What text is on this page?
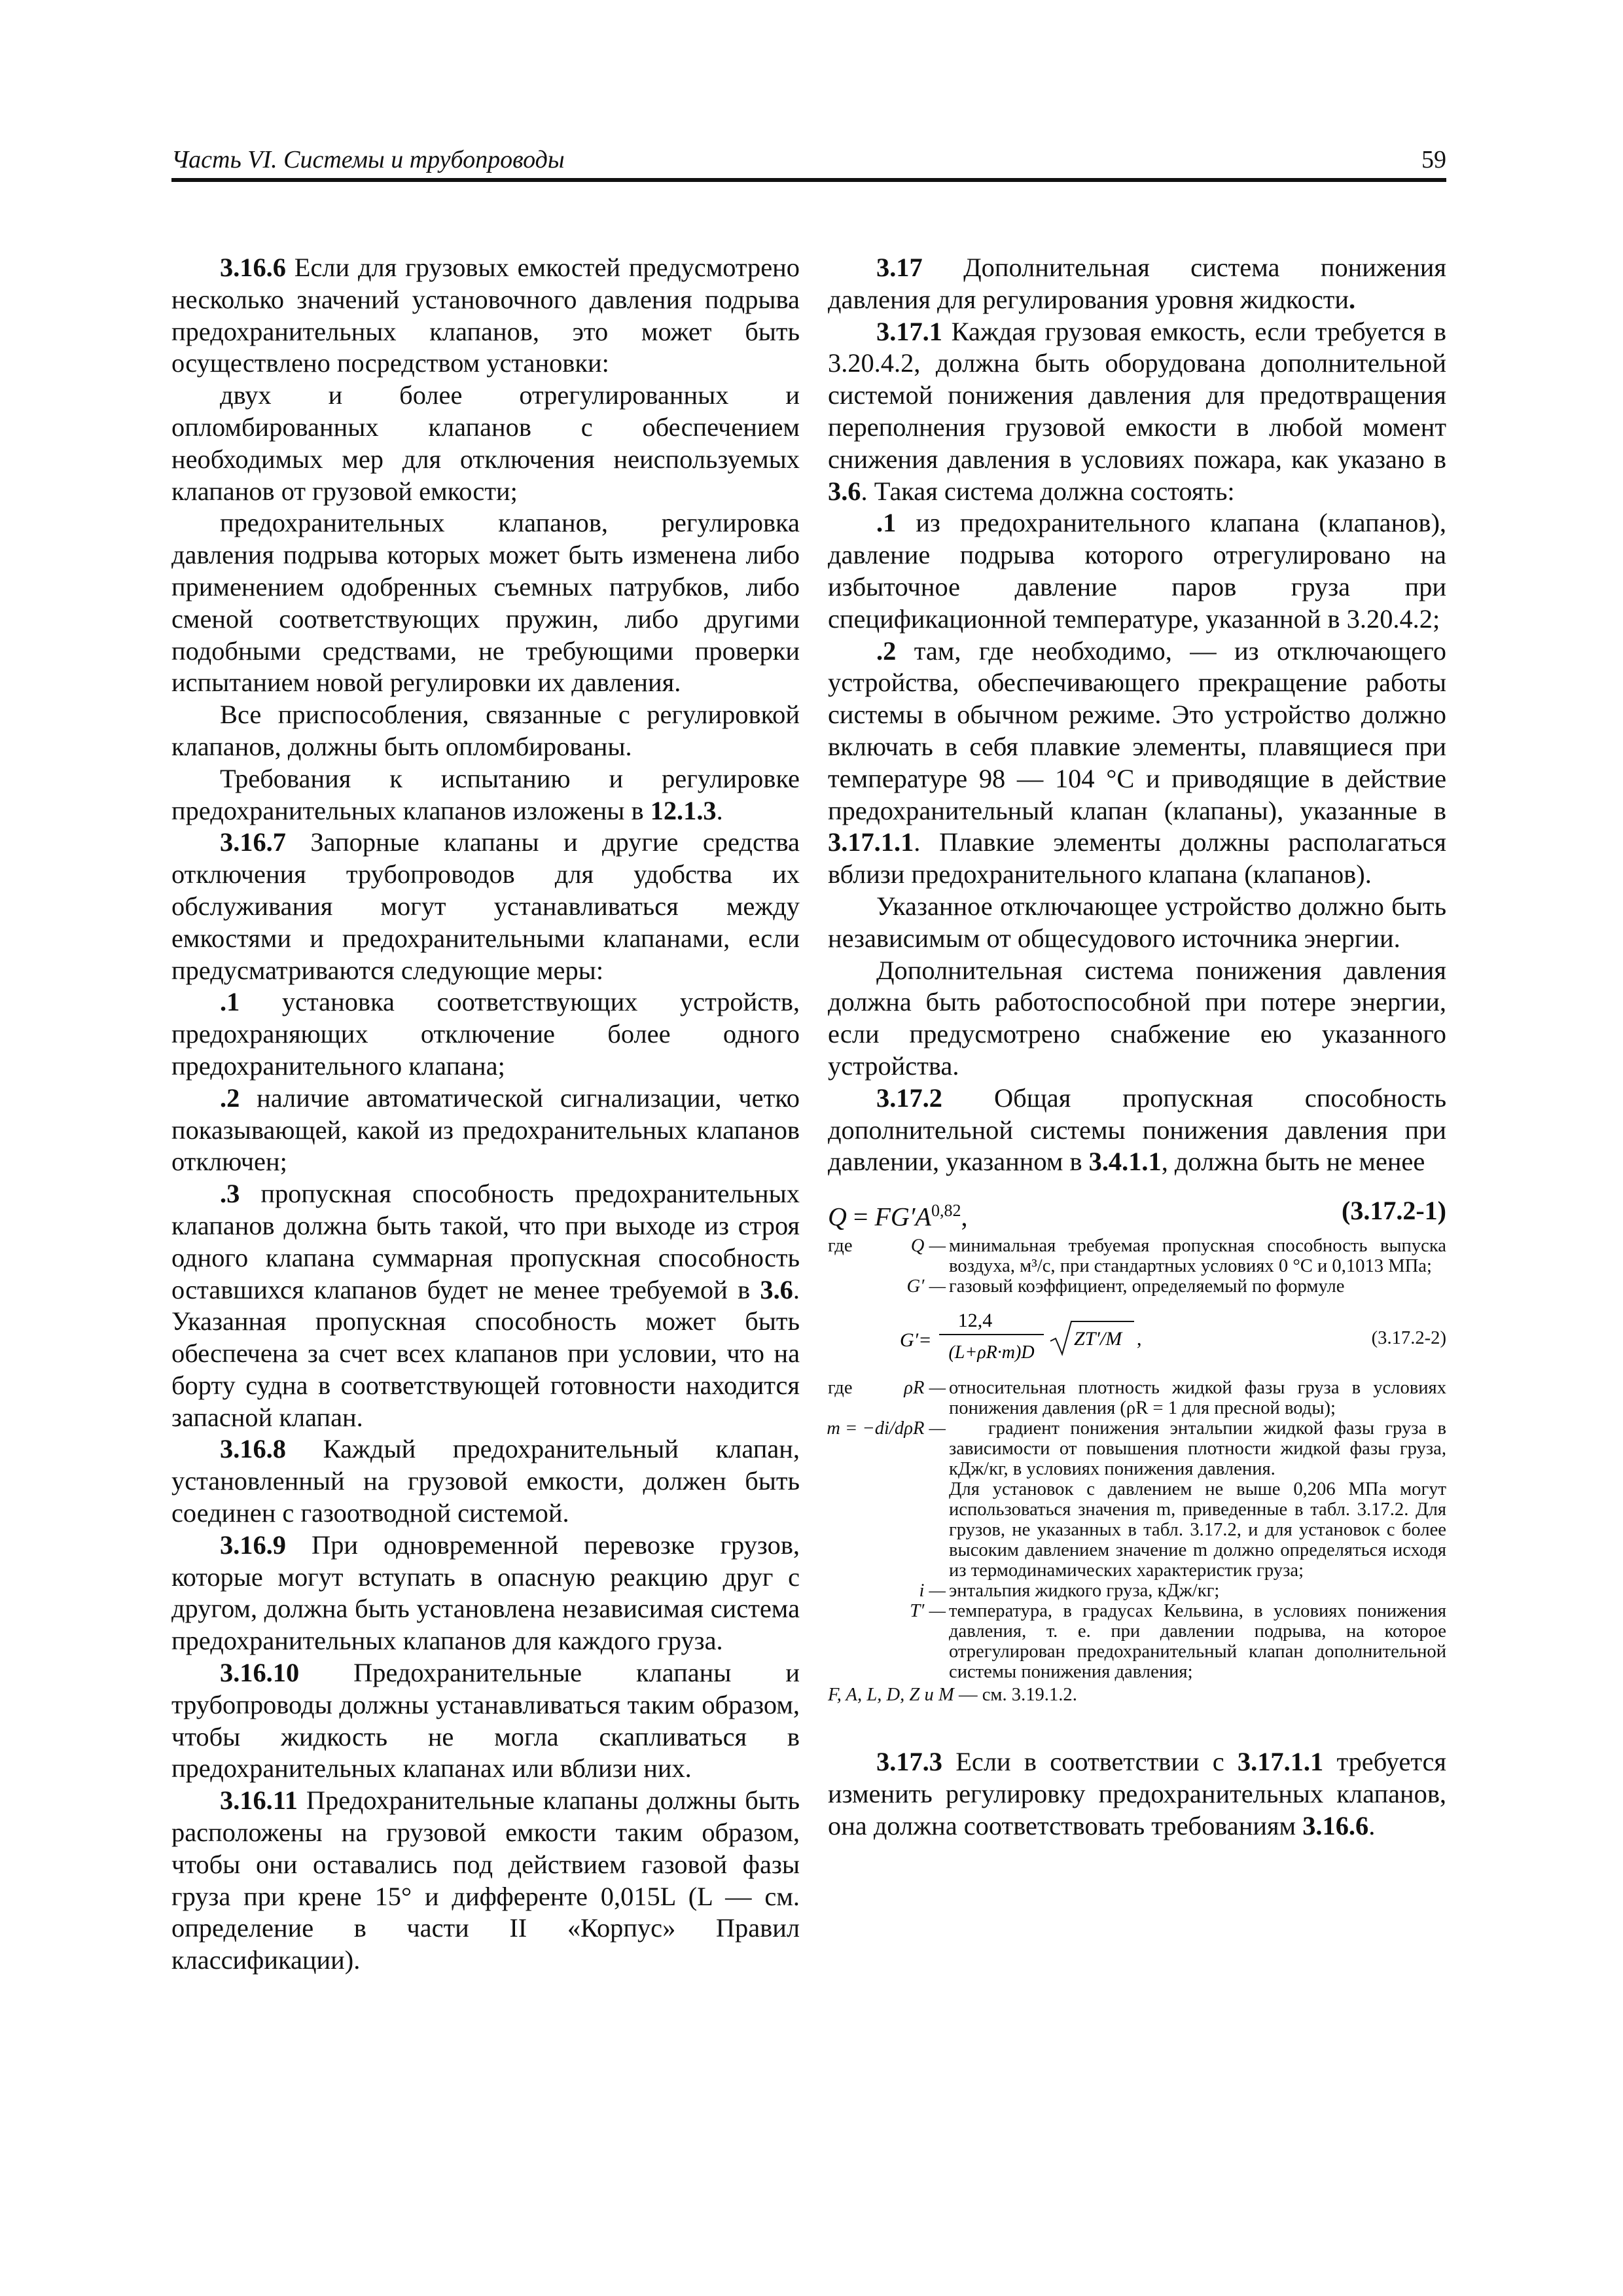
Часть VI. Системы и трубопроводы	59

3.16.6 Если для грузовых емкостей предусмотрено несколько значений установочного давления подрыва предохранительных клапанов, это может быть осуществлено посредством установки:

двух и более отрегулированных и опломбированных клапанов с обеспечением необходимых мер для отключения неиспользуемых клапанов от грузовой емкости;

предохранительных клапанов, регулировка давления подрыва которых может быть изменена либо применением одобренных съемных патрубков, либо сменой соответствующих пружин, либо другими подобными средствами, не требующими проверки испытанием новой регулировки их давления.

Все приспособления, связанные с регулировкой клапанов, должны быть опломбированы.

Требования к испытанию и регулировке предохранительных клапанов изложены в 12.1.3.

3.16.7 Запорные клапаны и другие средства отключения трубопроводов для удобства их обслуживания могут устанавливаться между емкостями и предохранительными клапанами, если предусматриваются следующие меры:

.1 установка соответствующих устройств, предохраняющих отключение более одного предохранительного клапана;

.2 наличие автоматической сигнализации, четко показывающей, какой из предохранительных клапанов отключен;

.3 пропускная способность предохранительных клапанов должна быть такой, что при выходе из строя одного клапана суммарная пропускная способность оставшихся клапанов будет не менее требуемой в 3.6. Указанная пропускная способность может быть обеспечена за счет всех клапанов при условии, что на борту судна в соответствующей готовности находится запасной клапан.

3.16.8 Каждый предохранительный клапан, установленный на грузовой емкости, должен быть соединен с газоотводной системой.

3.16.9 При одновременной перевозке грузов, которые могут вступать в опасную реакцию друг с другом, должна быть установлена независимая система предохранительных клапанов для каждого груза.

3.16.10 Предохранительные клапаны и трубопроводы должны устанавливаться таким образом, чтобы жидкость не могла скапливаться в предохранительных клапанах или вблизи них.

3.16.11 Предохранительные клапаны должны быть расположены на грузовой емкости таким образом, чтобы они оставались под действием газовой фазы груза при крене 15° и дифференте 0,015L (L — см. определение в части II «Корпус» Правил классификации).

3.17 Дополнительная система понижения давления для регулирования уровня жидкости.

3.17.1 Каждая грузовая емкость, если требуется в 3.20.4.2, должна быть оборудована дополнительной системой понижения давления для предотвращения переполнения грузовой емкости в любой момент снижения давления в условиях пожара, как указано в 3.6. Такая система должна состоять:

.1 из предохранительного клапана (клапанов), давление подрыва которого отрегулировано на избыточное давление паров груза при спецификационной температуре, указанной в 3.20.4.2;

.2 там, где необходимо, — из отключающего устройства, обеспечивающего прекращение работы системы в обычном режиме. Это устройство должно включать в себя плавкие элементы, плавящиеся при температуре 98 — 104 °С и приводящие в действие предохранительный клапан (клапаны), указанные в 3.17.1.1. Плавкие элементы должны располагаться вблизи предохранительного клапана (клапанов).

Указанное отключающее устройство должно быть независимым от общесудового источника энергии.

Дополнительная система понижения давления должна быть работоспособной при потере энергии, если предусмотрено снабжение ею указанного устройства.

3.17.2 Общая пропускная способность дополнительной системы понижения давления при давлении, указанном в 3.4.1.1, должна быть не менее

$Q = FG'A^{0,82}$,	(3.17.2-1)
где	Q — минимальная требуемая пропускная способность выпуска воздуха, м³/с, при стандартных условиях 0 °С и 0,1013 МПа;
G′ — газовый коэффициент, определяемый по формуле
G′=
12,4
(L+ρR·m)D
ZT′/M ,	(3.17.2-2)
где	ρR — относительная плотность жидкой фазы груза в условиях понижения давления (ρR = 1 для пресной воды);
m = −di/dρR —	градиент понижения энтальпии жидкой фазы груза в зависимости от повышения плотности жидкой фазы груза, кДж/кг, в условиях понижения давления.
Для установок с давлением не выше 0,206 МПа могут использоваться значения m, приведенные в табл. 3.17.2. Для грузов, не указанных в табл. 3.17.2, и для установок с более высоким давлением значение m должно определяться исходя из термодинамических характеристик груза;
i — энтальпия жидкого груза, кДж/кг;
T′ — температура, в градусах Кельвина, в условиях понижения давления, т. е. при давлении подрыва, на которое отрегулирован предохранительный клапан дополнительной системы понижения давления;
F, A, L, D, Z и M — см. 3.19.1.2.

3.17.3 Если в соответствии с 3.17.1.1 требуется изменить регулировку предохранительных клапанов, она должна соответствовать требованиям 3.16.6.
